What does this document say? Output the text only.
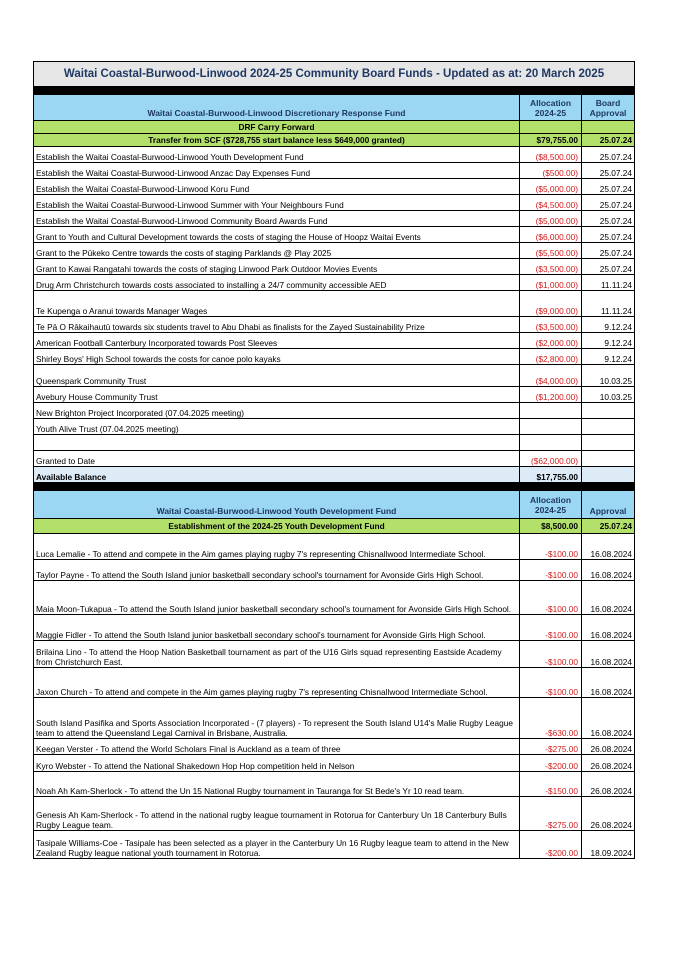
Waitai Coastal-Burwood-Linwood 2024-25 Community Board Funds - Updated as at: 20 March 2025		

Waitai Coastal-Burwood-Linwood Discretionary Response Fund	Allocation 2024-25	Board Approval
DRF Carry Forward		
Transfer from SCF ($728,755 start balance less $649,000 granted)	$79,755.00	25.07.24
Establish the Waitai Coastal-Burwood-Linwood Youth Development Fund	($8,500.00)	25.07.24
Establish the Waitai Coastal-Burwood-Linwood Anzac Day Expenses Fund	($500.00)	25.07.24
Establish the Waitai Coastal-Burwood-Linwood Koru Fund	($5,000.00)	25.07.24
Establish the Waitai Coastal-Burwood-Linwood Summer with Your Neighbours Fund	($4,500.00)	25.07.24
Establish the Waitai Coastal-Burwood-Linwood Community Board Awards Fund	($5,000.00)	25.07.24
Grant to Youth and Cultural Development towards the costs of staging the House of Hoopz Waitai Events	($6,000.00)	25.07.24
Grant to the Pūkeko Centre towards the costs of staging Parklands @ Play 2025	($5,500.00)	25.07.24
Grant to Kawai Rangatahi towards the costs of staging Linwood Park Outdoor Movies Events	($3,500.00)	25.07.24
Drug Arm Christchurch towards costs associated to installing a 24/7 community accessible AED	($1,000.00)	11.11.24
Te Kupenga o Aranui towards Manager Wages	($9,000.00)	11.11.24
Te Pā O Rākaihautū towards six students travel to Abu Dhabi as finalists for the Zayed Sustainability Prize	($3,500.00)	9.12.24
American Football Canterbury Incorporated towards Post Sleeves	($2,000.00)	9.12.24
Shirley Boys' High School towards the costs for canoe polo kayaks	($2,800.00)	9.12.24
Queenspark Community Trust	($4,000.00)	10.03.25
Avebury House Community Trust	($1,200.00)	10.03.25
New Brighton Project Incorporated (07.04.2025 meeting)		
Youth Alive Trust (07.04.2025 meeting)		

Granted to Date	($62,000.00)	
Available Balance	$17,755.00	

Waitai Coastal-Burwood-Linwood Youth Development Fund	Allocation 2024-25	Approval
Establishment of the 2024-25 Youth Development Fund	$8,500.00	25.07.24
Luca Lemalie - To attend and compete in the Aim games playing rugby 7's representing Chisnallwood Intermediate School.	-$100.00	16.08.2024
Taylor Payne - To attend the South Island junior basketball secondary school's tournament for Avonside Girls High School.	-$100.00	16.08.2024
Maia Moon-Tukapua - To attend the South Island junior basketball secondary school's tournament for Avonside Girls High School.	-$100.00	16.08.2024
Maggie Fidler - To attend the South Island junior basketball secondary school's tournament for Avonside Girls High School.	-$100.00	16.08.2024
Brilaina Lino - To attend the Hoop Nation Basketball tournament as part of the U16 Girls squad representing Eastside Academy from Christchurch East.	-$100.00	16.08.2024
Jaxon Church - To attend and compete in the Aim games playing rugby 7's representing Chisnallwood Intermediate School.	-$100.00	16.08.2024
South Island Pasifika and Sports Association Incorporated - (7 players) - To represent the South Island U14's Malie Rugby League team to attend the Queensland Legal Carnival in Brisbane, Australia.	-$630.00	16.08.2024
Keegan Verster - To attend the World Scholars Final is Auckland as a team of three	-$275.00	26.08.2024
Kyro Webster - To attend the National Shakedown Hop Hop competition held in Nelson	-$200.00	26.08.2024
Noah Ah Kam-Sherlock - To attend the Un 15 National Rugby tournament in Tauranga for St Bede's Yr 10 read team.	-$150.00	26.08.2024
Genesis Ah Kam-Sherlock - To attend in the national rugby league tournament in Rotorua for Canterbury Un 18 Canterbury Bulls Rugby League team.	-$275.00	26.08.2024
Tasipale Williams-Coe - Tasipale has been selected as a player in the Canterbury Un 16 Rugby league team to attend in the New Zealand Rugby league national youth tournament in Rotorua.	-$200.00	18.09.2024
